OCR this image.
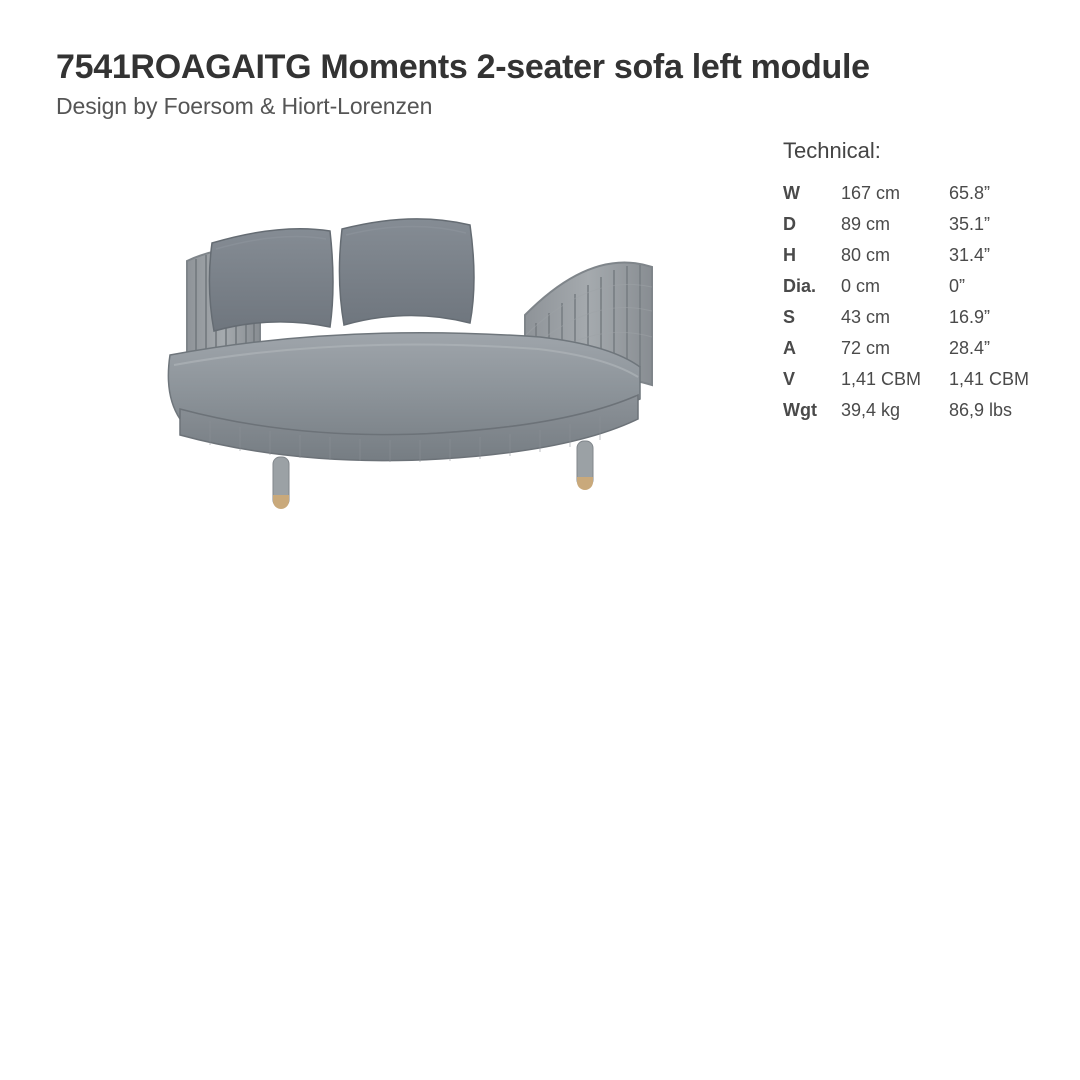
7541ROAGAITG Moments 2-seater sofa left module
Design by Foersom & Hiort-Lorenzen
Technical:
W	167 cm	65.8”
D	89 cm	35.1”
H	80 cm	31.4”
Dia.	0 cm	0”
S	43 cm	16.9”
A	72 cm	28.4”
V	1,41 CBM	1,41 CBM
Wgt	39,4 kg	86,9 lbs
